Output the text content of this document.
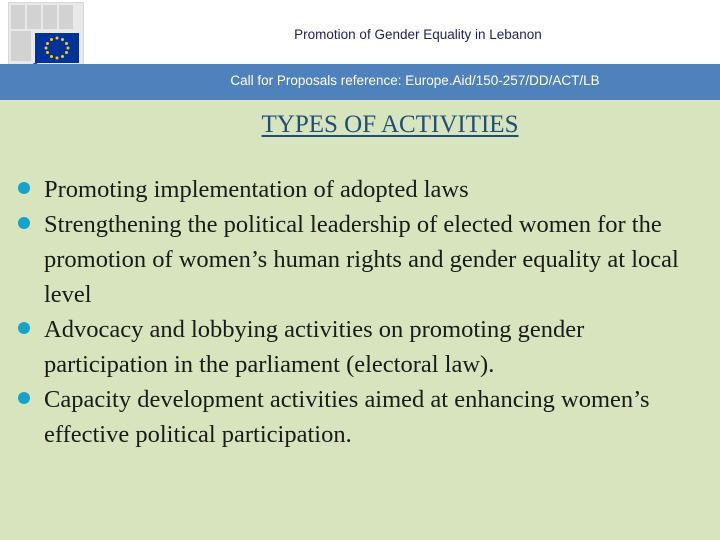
Promotion of Gender Equality in Lebanon
Call for Proposals reference: Europe.Aid/150-257/DD/ACT/LB
TYPES OF ACTIVITIES
Promoting implementation of adopted laws
Strengthening the political leadership of elected women for the promotion of women’s human rights and gender equality at local level
Advocacy and lobbying activities on promoting gender participation in the parliament (electoral law).
Capacity development activities aimed at enhancing women’s effective political participation.
